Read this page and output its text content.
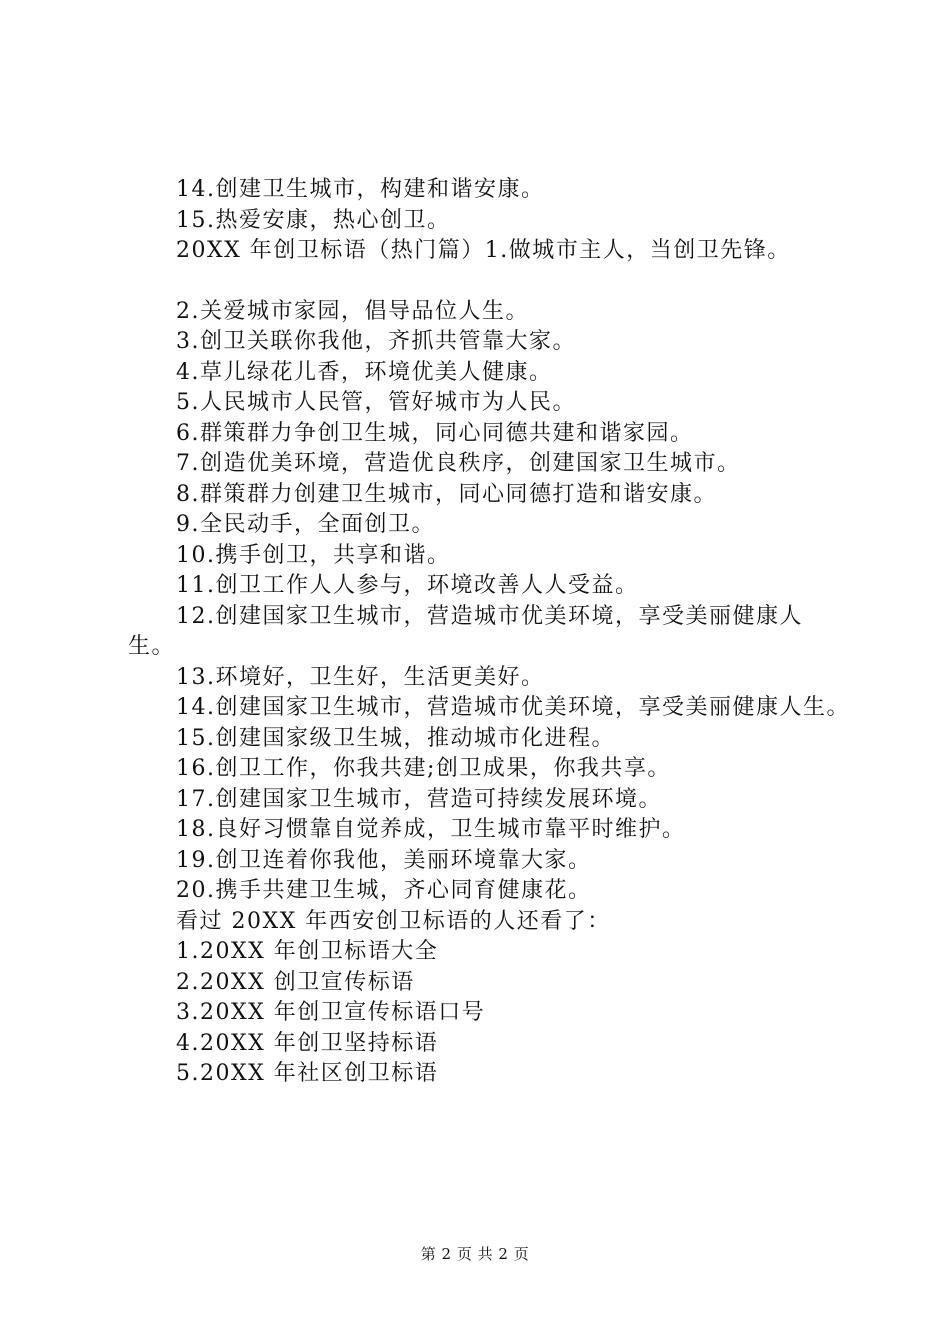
14.创建卫生城市，构建和谐安康。
15.热爱安康，热心创卫。
20XX 年创卫标语（热门篇）1.做城市主人，当创卫先锋。
2.关爱城市家园，倡导品位人生。
3.创卫关联你我他，齐抓共管靠大家。
4.草儿绿花儿香，环境优美人健康。
5.人民城市人民管，管好城市为人民。
6.群策群力争创卫生城，同心同德共建和谐家园。
7.创造优美环境，营造优良秩序，创建国家卫生城市。
8.群策群力创建卫生城市，同心同德打造和谐安康。
9.全民动手，全面创卫。
10.携手创卫，共享和谐。
11.创卫工作人人参与，环境改善人人受益。
12.创建国家卫生城市，营造城市优美环境，享受美丽健康人生。
13.环境好，卫生好，生活更美好。
14.创建国家卫生城市，营造城市优美环境，享受美丽健康人生。
15.创建国家级卫生城，推动城市化进程。
16.创卫工作，你我共建;创卫成果，你我共享。
17.创建国家卫生城市，营造可持续发展环境。
18.良好习惯靠自觉养成，卫生城市靠平时维护。
19.创卫连着你我他，美丽环境靠大家。
20.携手共建卫生城，齐心同育健康花。
看过 20XX 年西安创卫标语的人还看了：
1.20XX 年创卫标语大全
2.20XX 创卫宣传标语
3.20XX 年创卫宣传标语口号
4.20XX 年创卫坚持标语
5.20XX 年社区创卫标语
第 2 页 共 2 页
